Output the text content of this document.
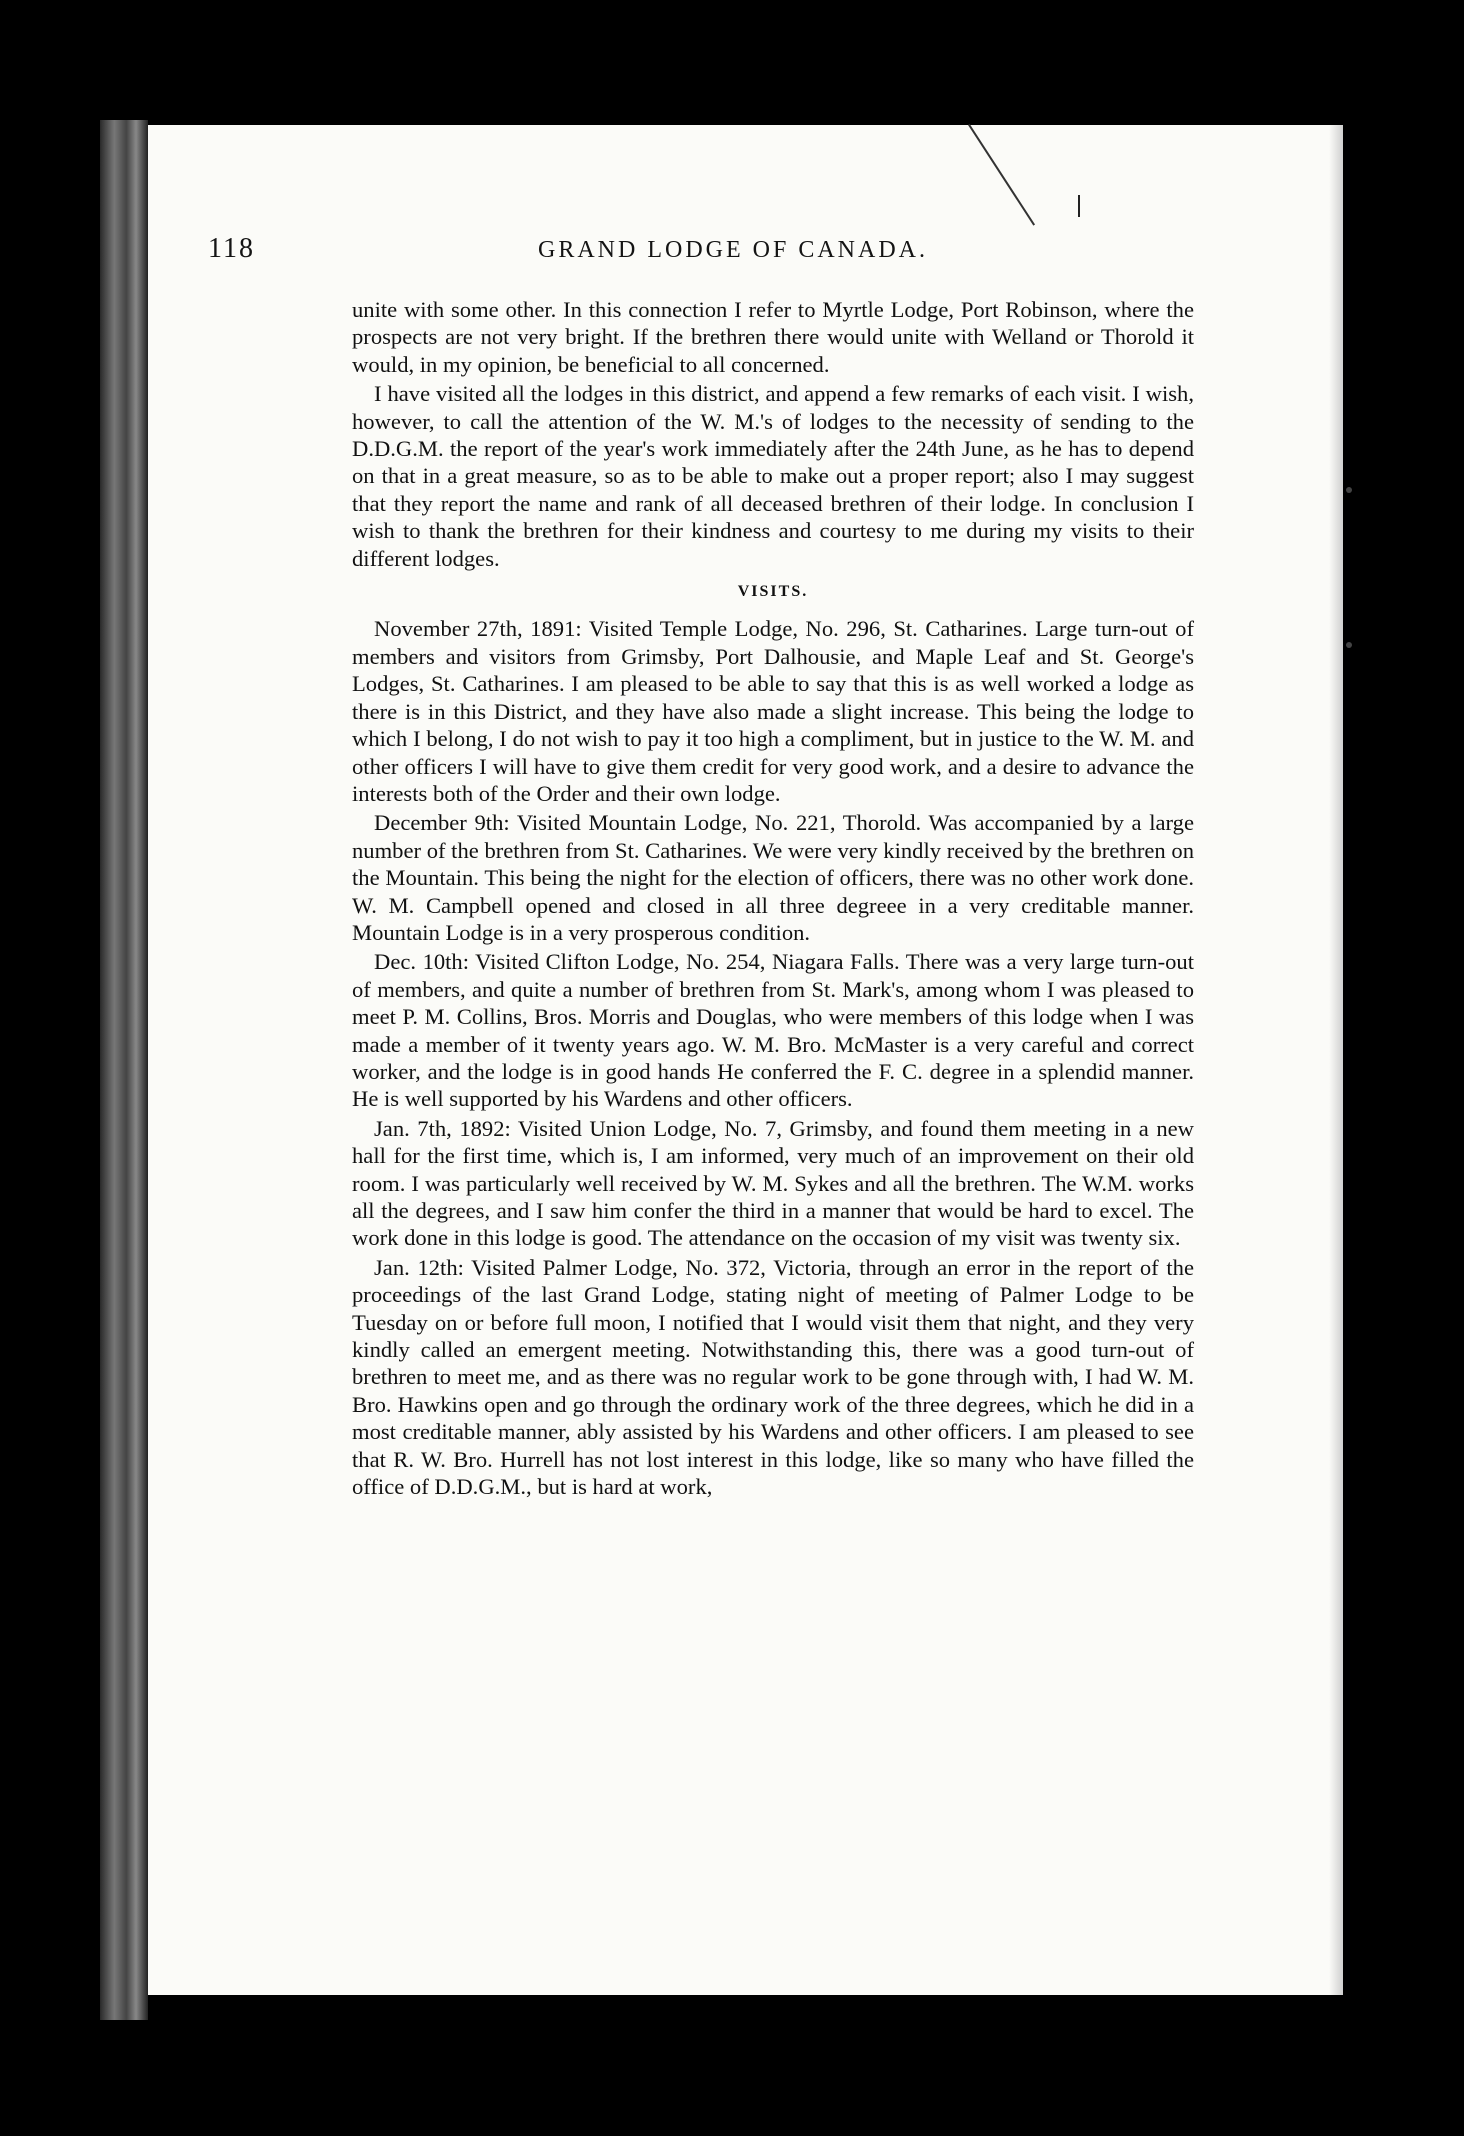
118	GRAND LODGE OF CANADA.

unite with some other. In this connection I refer to Myrtle Lodge, Port Robinson, where the prospects are not very bright. If the brethren there would unite with Welland or Thorold it would, in my opinion, be beneficial to all concerned.

I have visited all the lodges in this district, and append a few remarks of each visit. I wish, however, to call the attention of the W. M.'s of lodges to the necessity of sending to the D.D.G.M. the report of the year's work immediately after the 24th June, as he has to depend on that in a great measure, so as to be able to make out a proper report; also I may suggest that they report the name and rank of all deceased brethren of their lodge. In conclusion I wish to thank the brethren for their kindness and courtesy to me during my visits to their different lodges.

VISITS.

November 27th, 1891: Visited Temple Lodge, No. 296, St. Catharines. Large turn-out of members and visitors from Grimsby, Port Dalhousie, and Maple Leaf and St. George's Lodges, St. Catharines. I am pleased to be able to say that this is as well worked a lodge as there is in this District, and they have also made a slight increase. This being the lodge to which I belong, I do not wish to pay it too high a compliment, but in justice to the W. M. and other officers I will have to give them credit for very good work, and a desire to advance the interests both of the Order and their own lodge.

December 9th: Visited Mountain Lodge, No. 221, Thorold. Was accompanied by a large number of the brethren from St. Catharines. We were very kindly received by the brethren on the Mountain. This being the night for the election of officers, there was no other work done. W. M. Campbell opened and closed in all three degreee in a very creditable manner. Mountain Lodge is in a very prosperous condition.

Dec. 10th: Visited Clifton Lodge, No. 254, Niagara Falls. There was a very large turn-out of members, and quite a number of brethren from St. Mark's, among whom I was pleased to meet P. M. Collins, Bros. Morris and Douglas, who were members of this lodge when I was made a member of it twenty years ago. W. M. Bro. McMaster is a very careful and correct worker, and the lodge is in good hands He conferred the F. C. degree in a splendid manner. He is well supported by his Wardens and other officers.

Jan. 7th, 1892: Visited Union Lodge, No. 7, Grimsby, and found them meeting in a new hall for the first time, which is, I am informed, very much of an improvement on their old room. I was particularly well received by W. M. Sykes and all the brethren. The W.M. works all the degrees, and I saw him confer the third in a manner that would be hard to excel. The work done in this lodge is good. The attendance on the occasion of my visit was twenty six.

Jan. 12th: Visited Palmer Lodge, No. 372, Victoria, through an error in the report of the proceedings of the last Grand Lodge, stating night of meeting of Palmer Lodge to be Tuesday on or before full moon, I notified that I would visit them that night, and they very kindly called an emergent meeting. Notwithstanding this, there was a good turn-out of brethren to meet me, and as there was no regular work to be gone through with, I had W. M. Bro. Hawkins open and go through the ordinary work of the three degrees, which he did in a most creditable manner, ably assisted by his Wardens and other officers. I am pleased to see that R. W. Bro. Hurrell has not lost interest in this lodge, like so many who have filled the office of D.D.G.M., but is hard at work,
